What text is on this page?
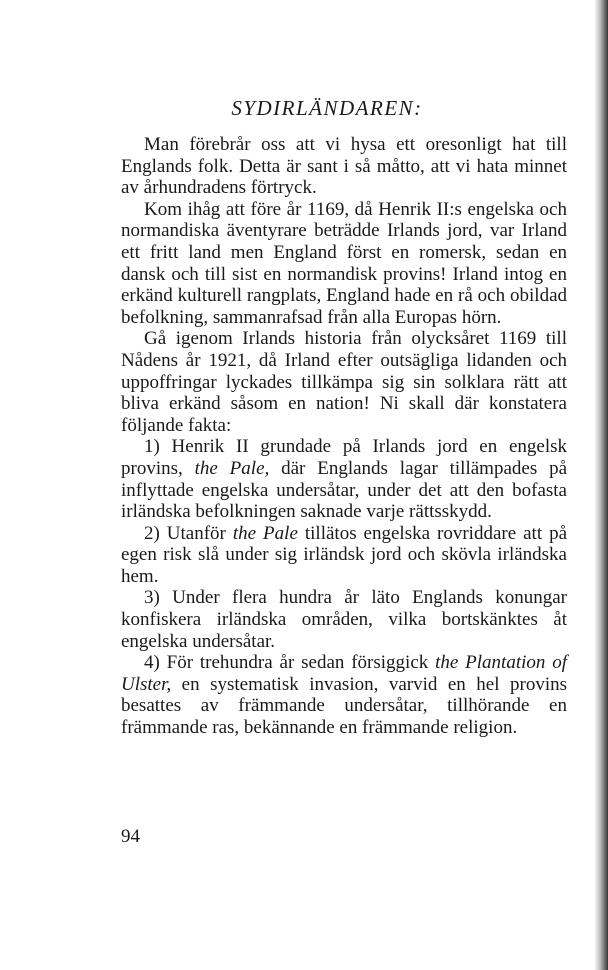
SYDIRLÄNDAREN:

Man förebrår oss att vi hysa ett oresonligt hat till Englands folk. Detta är sant i så måtto, att vi hata minnet av århundradens förtryck.

Kom ihåg att före år 1169, då Henrik II:s engelska och normandiska äventyrare beträdde Irlands jord, var Irland ett fritt land men England först en romersk, sedan en dansk och till sist en normandisk provins! Irland intog en erkänd kulturell rangplats, England hade en rå och obildad befolkning, sammanrafsad från alla Europas hörn.

Gå igenom Irlands historia från olycksåret 1169 till Nådens år 1921, då Irland efter outsägliga lidanden och uppoffringar lyckades tillkämpa sig sin solklara rätt att bliva erkänd såsom en nation! Ni skall där konstatera följande fakta:

1) Henrik II grundade på Irlands jord en engelsk provins, the Pale, där Englands lagar tillämpades på inflyttade engelska undersåtar, under det att den bofasta irländska befolkningen saknade varje rättsskydd.

2) Utanför the Pale tillätos engelska rovriddare att på egen risk slå under sig irländsk jord och skövla irländska hem.

3) Under flera hundra år läto Englands konungar konfiskera irländska områden, vilka bortskänktes åt engelska undersåtar.

4) För trehundra år sedan försiggick the Plantation of Ulster, en systematisk invasion, varvid en hel provins besattes av främmande undersåtar, tillhörande en främmande ras, bekännande en främmande religion.

94
